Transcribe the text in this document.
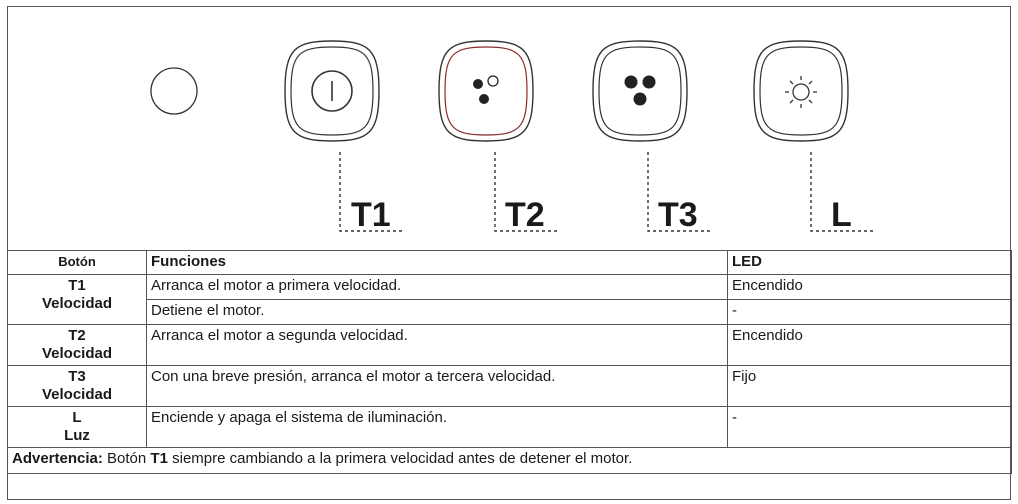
T1	T2	T3	L
Botón	Funciones	LED

T1
Velocidad	Arranca el motor a primera velocidad.	Encendido
	Detiene el motor.	-

T2
Velocidad	Arranca el motor a segunda velocidad.	Encendido

T3
Velocidad	Con una breve presión, arranca el motor a tercera velocidad.	Fijo

L
Luz	Enciende y apaga el sistema de iluminación.	-
Advertencia: Botón T1 siempre cambiando a la primera velocidad antes de detener el motor.		
